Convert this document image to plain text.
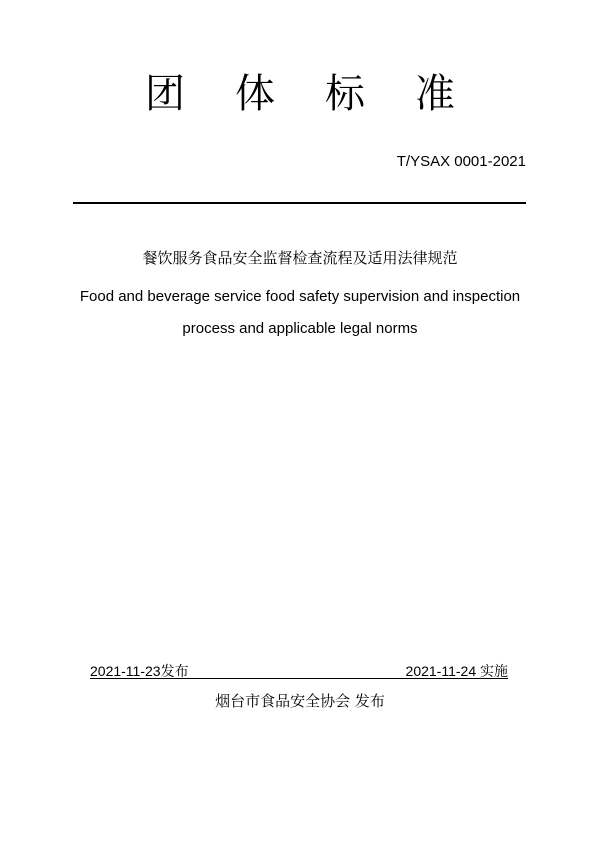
团 体 标 准
T/YSAX 0001-2021
餐饮服务食品安全监督检查流程及适用法律规范
Food and beverage service food safety supervision and inspection
process and applicable legal norms
2021-11-23发布	2021-11-24 实施
烟台市食品安全协会 发布
